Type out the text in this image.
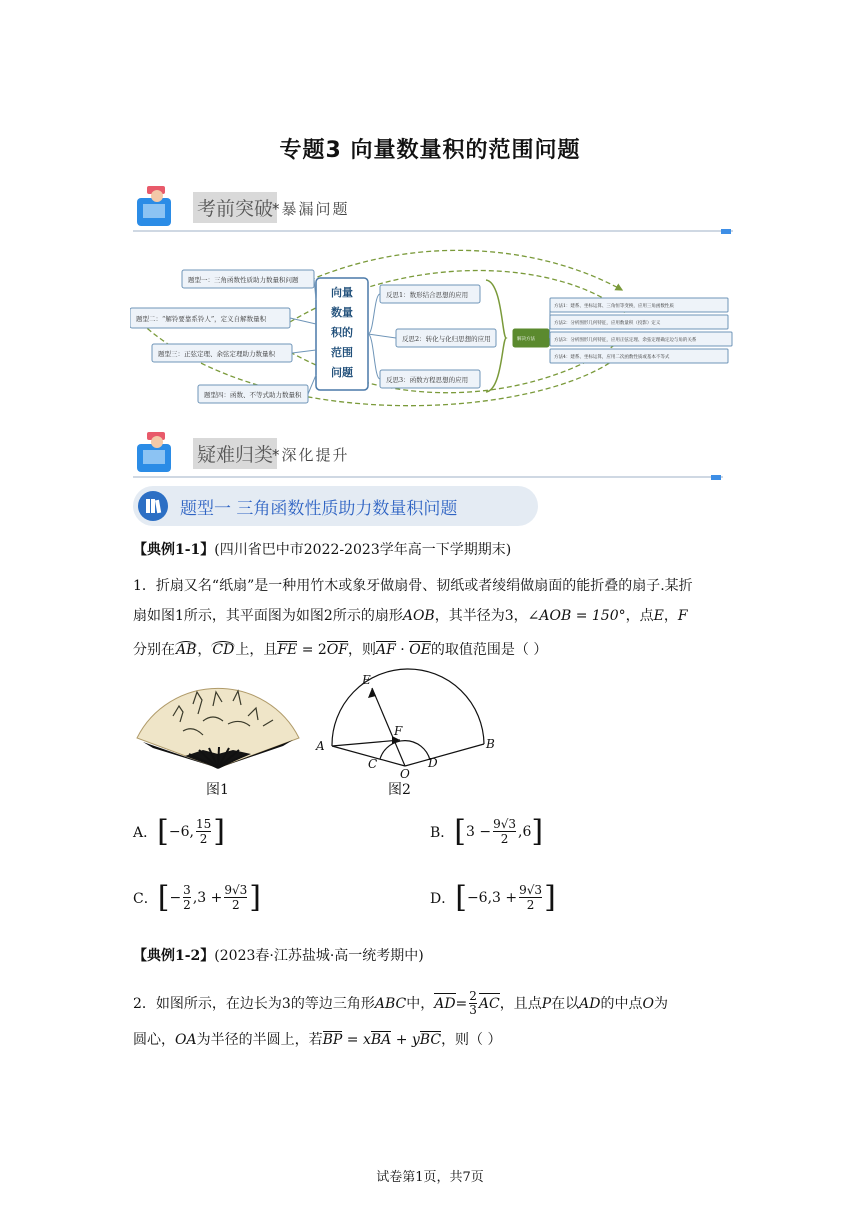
专题3 向量数量积的范围问题
考前突破
*暴漏问题
题型一：三角函数性质助力数量积问题
题型二：“解铃要靠系铃人”，定义自解数量积
题型三：正弦定理、余弦定理助力数量积
题型四：函数、不等式助力数量积
反思1：数形结合思想的应用
反思2：转化与化归思想的应用
反思3：函数方程思想的应用
方法1：建系、坐标运算、三角恒等变换，应用三角函数性质
方法2：分析图形几何特征，应用数量积（投影）定义
方法3：分析图形几何特征，应用正弦定理、余弦定理确定边与角的关系
方法4：建系、坐标运算，应用二次函数性质或基本不等式
解决方法
向量
数量
积的
范围
问题
疑难归类
*深化提升
题型一 三角函数性质助力数量积问题
【典例1-1】(四川省巴中市2022-2023学年高一下学期期末)
1．折扇又名“纸扇”是一种用竹木或象牙做扇骨、韧纸或者绫绢做扇面的能折叠的扇子.某折
扇如图1所示，其平面图为如图2所示的扇形AOB，其半径为3，∠AOB = 150°，点E，F
分别在AB，CD上，且FE = 2OF，则AF · OE的取值范围是（ ）
图1
E
F
A	B
C	D
O
图2
A． [ −6, $\frac{15}{2}$ ]	B． [ $3 - \frac{9√3}{2} ,6$ ]
C． [ − $\frac{3}{2} ,3 + \frac{9√3}{2}$ ]	D． [ $-6,3 + \frac{9√3}{2}$ ]
【典例1-2】(2023春·江苏盐城·高一统考期中)
2．如图所示，在边长为3的等边三角形 ABC 中， AD = $\frac{2}{3}$ AC ，且点 P 在以 AD 的中点 O 为
圆心，OA为半径的半圆上，若BP = xBA + yBC，则（ ）
试卷第1页，共7页
